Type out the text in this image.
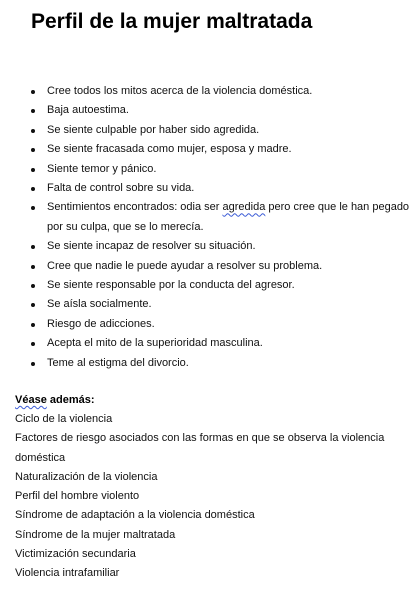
Perfil de la mujer maltratada
Cree todos los mitos acerca de la violencia doméstica.
Baja autoestima.
Se siente culpable por haber sido agredida.
Se siente fracasada como mujer, esposa y madre.
Siente temor y pánico.
Falta de control sobre su vida.
Sentimientos encontrados: odia ser agredida pero cree que le han pegado por su culpa, que se lo merecía.
Se siente incapaz de resolver su situación.
Cree que nadie le puede ayudar a resolver su problema.
Se siente responsable por la conducta del agresor.
Se aísla socialmente.
Riesgo de adicciones.
Acepta el mito de la superioridad masculina.
Teme al estigma del divorcio.

Véase además:

Ciclo de la violencia
Factores de riesgo asociados con las formas en que se observa la violencia doméstica
Naturalización de la violencia
Perfil del hombre violento
Síndrome de adaptación a la violencia doméstica
Síndrome de la mujer maltratada
Victimización secundaria
Violencia intrafamiliar
